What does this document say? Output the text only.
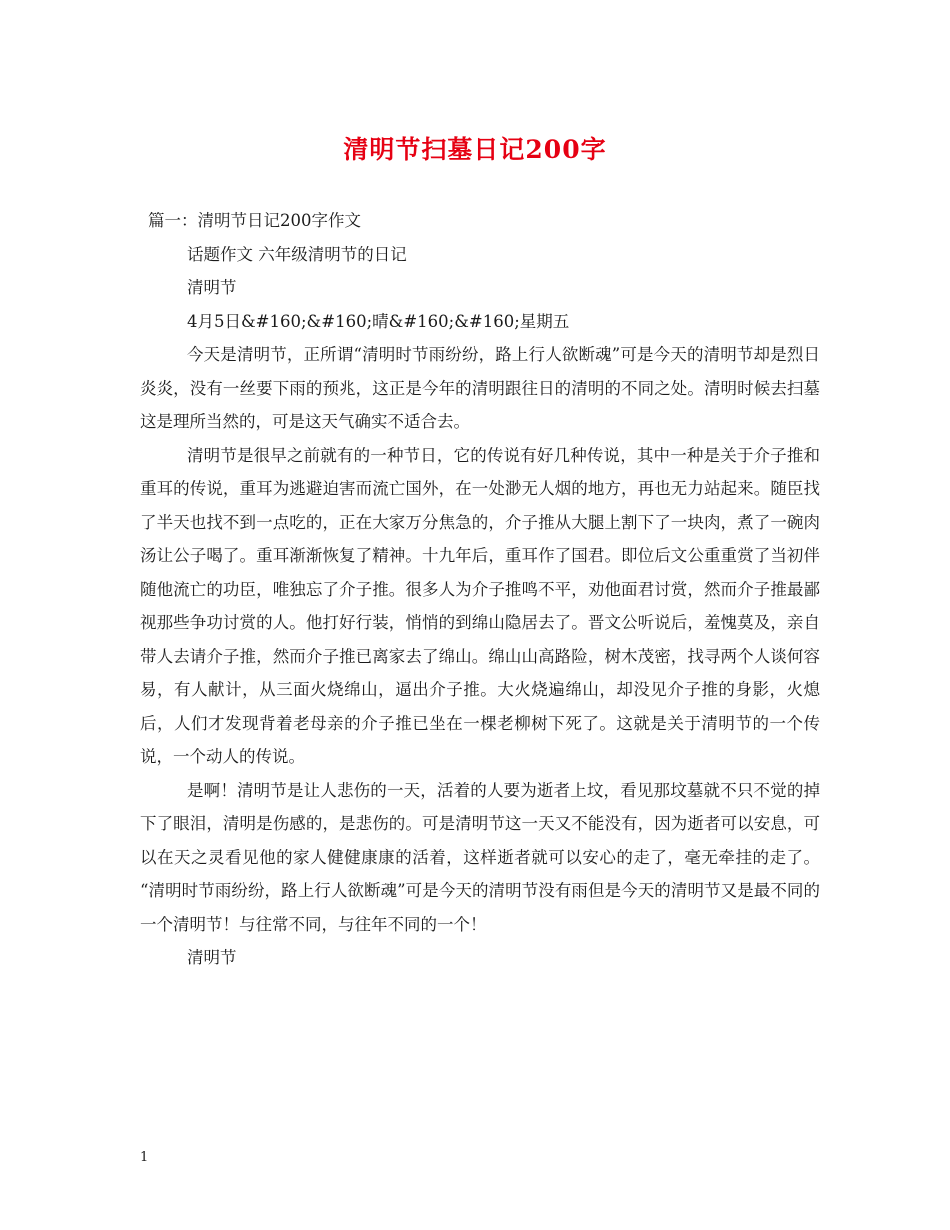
清明节扫墓日记200字
篇一：清明节日记200字作文
话题作文 六年级清明节的日记
清明节
4月5日&#160;&#160;晴&#160;&#160;星期五

今天是清明节，正所谓“清明时节雨纷纷，路上行人欲断魂”可是今天的清明节却是烈日炎炎，没有一丝要下雨的预兆，这正是今年的清明跟往日的清明的不同之处。清明时候去扫墓这是理所当然的，可是这天气确实不适合去。

清明节是很早之前就有的一种节日，它的传说有好几种传说，其中一种是关于介子推和重耳的传说，重耳为逃避迫害而流亡国外，在一处渺无人烟的地方，再也无力站起来。随臣找了半天也找不到一点吃的，正在大家万分焦急的，介子推从大腿上割下了一块肉，煮了一碗肉汤让公子喝了。重耳渐渐恢复了精神。十九年后，重耳作了国君。即位后文公重重赏了当初伴随他流亡的功臣，唯独忘了介子推。很多人为介子推鸣不平，劝他面君讨赏，然而介子推最鄙视那些争功讨赏的人。他打好行装，悄悄的到绵山隐居去了。晋文公听说后，羞愧莫及，亲自带人去请介子推，然而介子推已离家去了绵山。绵山山高路险，树木茂密，找寻两个人谈何容易，有人献计，从三面火烧绵山，逼出介子推。大火烧遍绵山，却没见介子推的身影，火熄后，人们才发现背着老母亲的介子推已坐在一棵老柳树下死了。这就是关于清明节的一个传说，一个动人的传说。

是啊！清明节是让人悲伤的一天，活着的人要为逝者上坟，看见那坟墓就不只不觉的掉下了眼泪，清明是伤感的，是悲伤的。可是清明节这一天又不能没有，因为逝者可以安息，可以在天之灵看见他的家人健健康康的活着，这样逝者就可以安心的走了，毫无牵挂的走了。 “清明时节雨纷纷，路上行人欲断魂”可是今天的清明节没有雨但是今天的清明节又是最不同的一个清明节！与往常不同，与往年不同的一个！

清明节
1
